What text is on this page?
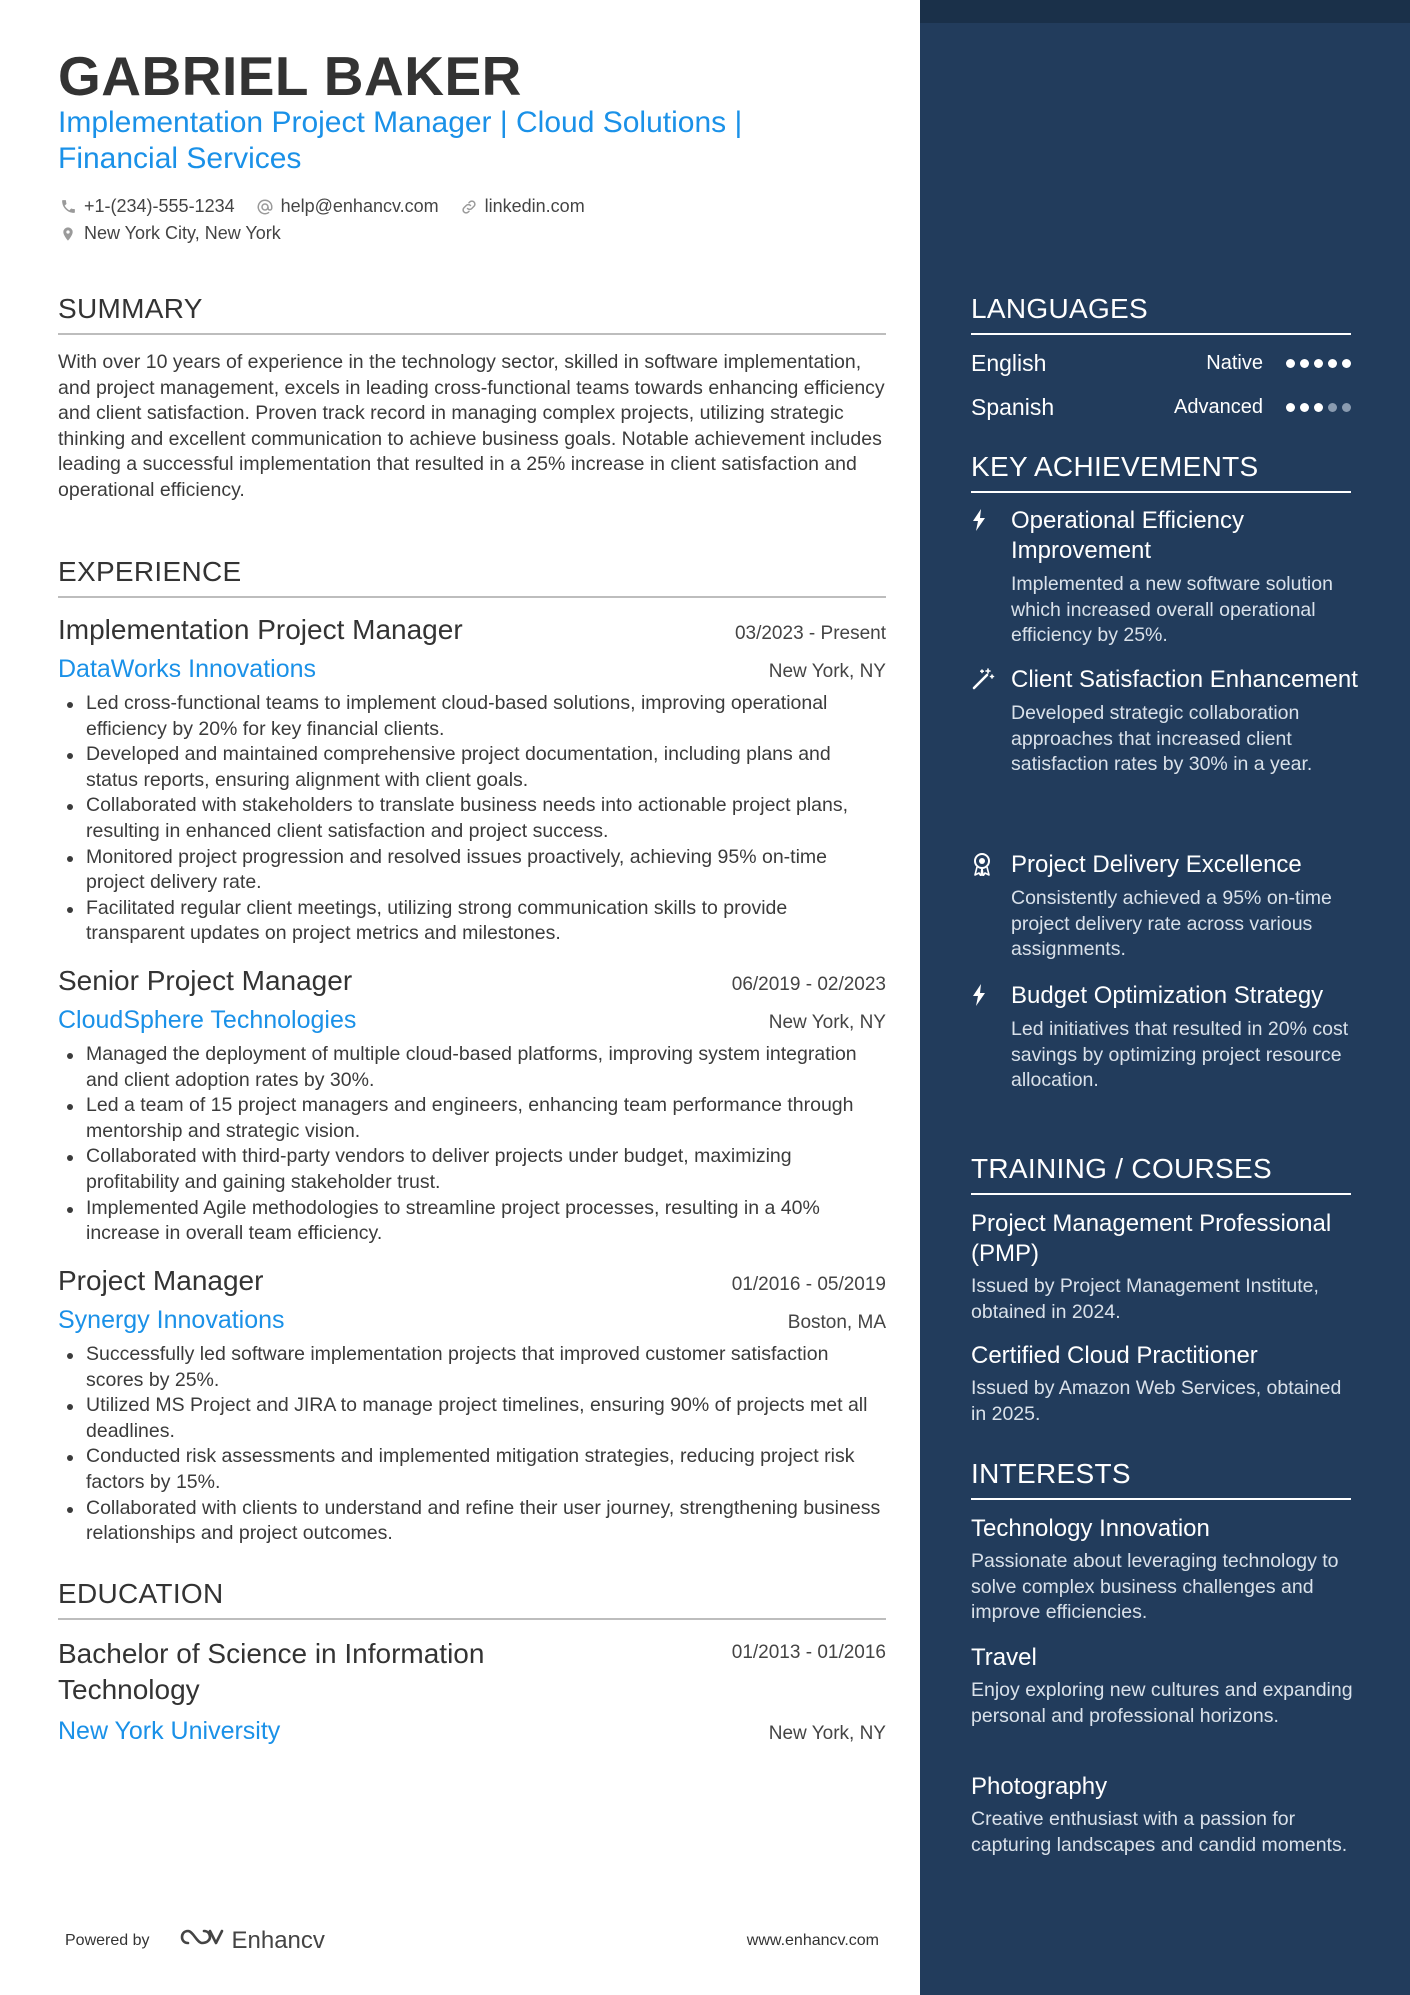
GABRIEL BAKER
Implementation Project Manager | Cloud Solutions | Financial Services
+1-(234)-555-1234	help@enhancv.com	linkedin.com
New York City, New York
SUMMARY

With over 10 years of experience in the technology sector, skilled in software implementation, and project management, excels in leading cross-functional teams towards enhancing efficiency and client satisfaction. Proven track record in managing complex projects, utilizing strategic thinking and excellent communication to achieve business goals. Notable achievement includes leading a successful implementation that resulted in a 25% increase in client satisfaction and operational efficiency.

EXPERIENCE
Implementation Project Manager	03/2023 - Present
DataWorks Innovations	New York, NY
Led cross-functional teams to implement cloud-based solutions, improving operational efficiency by 20% for key financial clients.
Developed and maintained comprehensive project documentation, including plans and status reports, ensuring alignment with client goals.
Collaborated with stakeholders to translate business needs into actionable project plans, resulting in enhanced client satisfaction and project success.
Monitored project progression and resolved issues proactively, achieving 95% on-time project delivery rate.
Facilitated regular client meetings, utilizing strong communication skills to provide transparent updates on project metrics and milestones.
Senior Project Manager	06/2019 - 02/2023
CloudSphere Technologies	New York, NY
Managed the deployment of multiple cloud-based platforms, improving system integration and client adoption rates by 30%.
Led a team of 15 project managers and engineers, enhancing team performance through mentorship and strategic vision.
Collaborated with third-party vendors to deliver projects under budget, maximizing profitability and gaining stakeholder trust.
Implemented Agile methodologies to streamline project processes, resulting in a 40% increase in overall team efficiency.
Project Manager	01/2016 - 05/2019
Synergy Innovations	Boston, MA
Successfully led software implementation projects that improved customer satisfaction scores by 25%.
Utilized MS Project and JIRA to manage project timelines, ensuring 90% of projects met all deadlines.
Conducted risk assessments and implemented mitigation strategies, reducing project risk factors by 15%.
Collaborated with clients to understand and refine their user journey, strengthening business relationships and project outcomes.
EDUCATION
Bachelor of Science in Information Technology
01/2013 - 01/2016
New York University	New York, NY
Powered by	Enhancv	www.enhancv.com
LANGUAGES
English	Native
Spanish	Advanced
KEY ACHIEVEMENTS
Operational Efficiency Improvement
Implemented a new software solution which increased overall operational efficiency by 25%.
Client Satisfaction Enhancement
Developed strategic collaboration approaches that increased client satisfaction rates by 30% in a year.
Project Delivery Excellence
Consistently achieved a 95% on-time project delivery rate across various assignments.
Budget Optimization Strategy
Led initiatives that resulted in 20% cost savings by optimizing project resource allocation.
TRAINING / COURSES
Project Management Professional (PMP)
Issued by Project Management Institute, obtained in 2024.
Certified Cloud Practitioner
Issued by Amazon Web Services, obtained in 2025.
INTERESTS
Technology Innovation
Passionate about leveraging technology to solve complex business challenges and improve efficiencies.
Travel
Enjoy exploring new cultures and expanding personal and professional horizons.
Photography
Creative enthusiast with a passion for capturing landscapes and candid moments.
